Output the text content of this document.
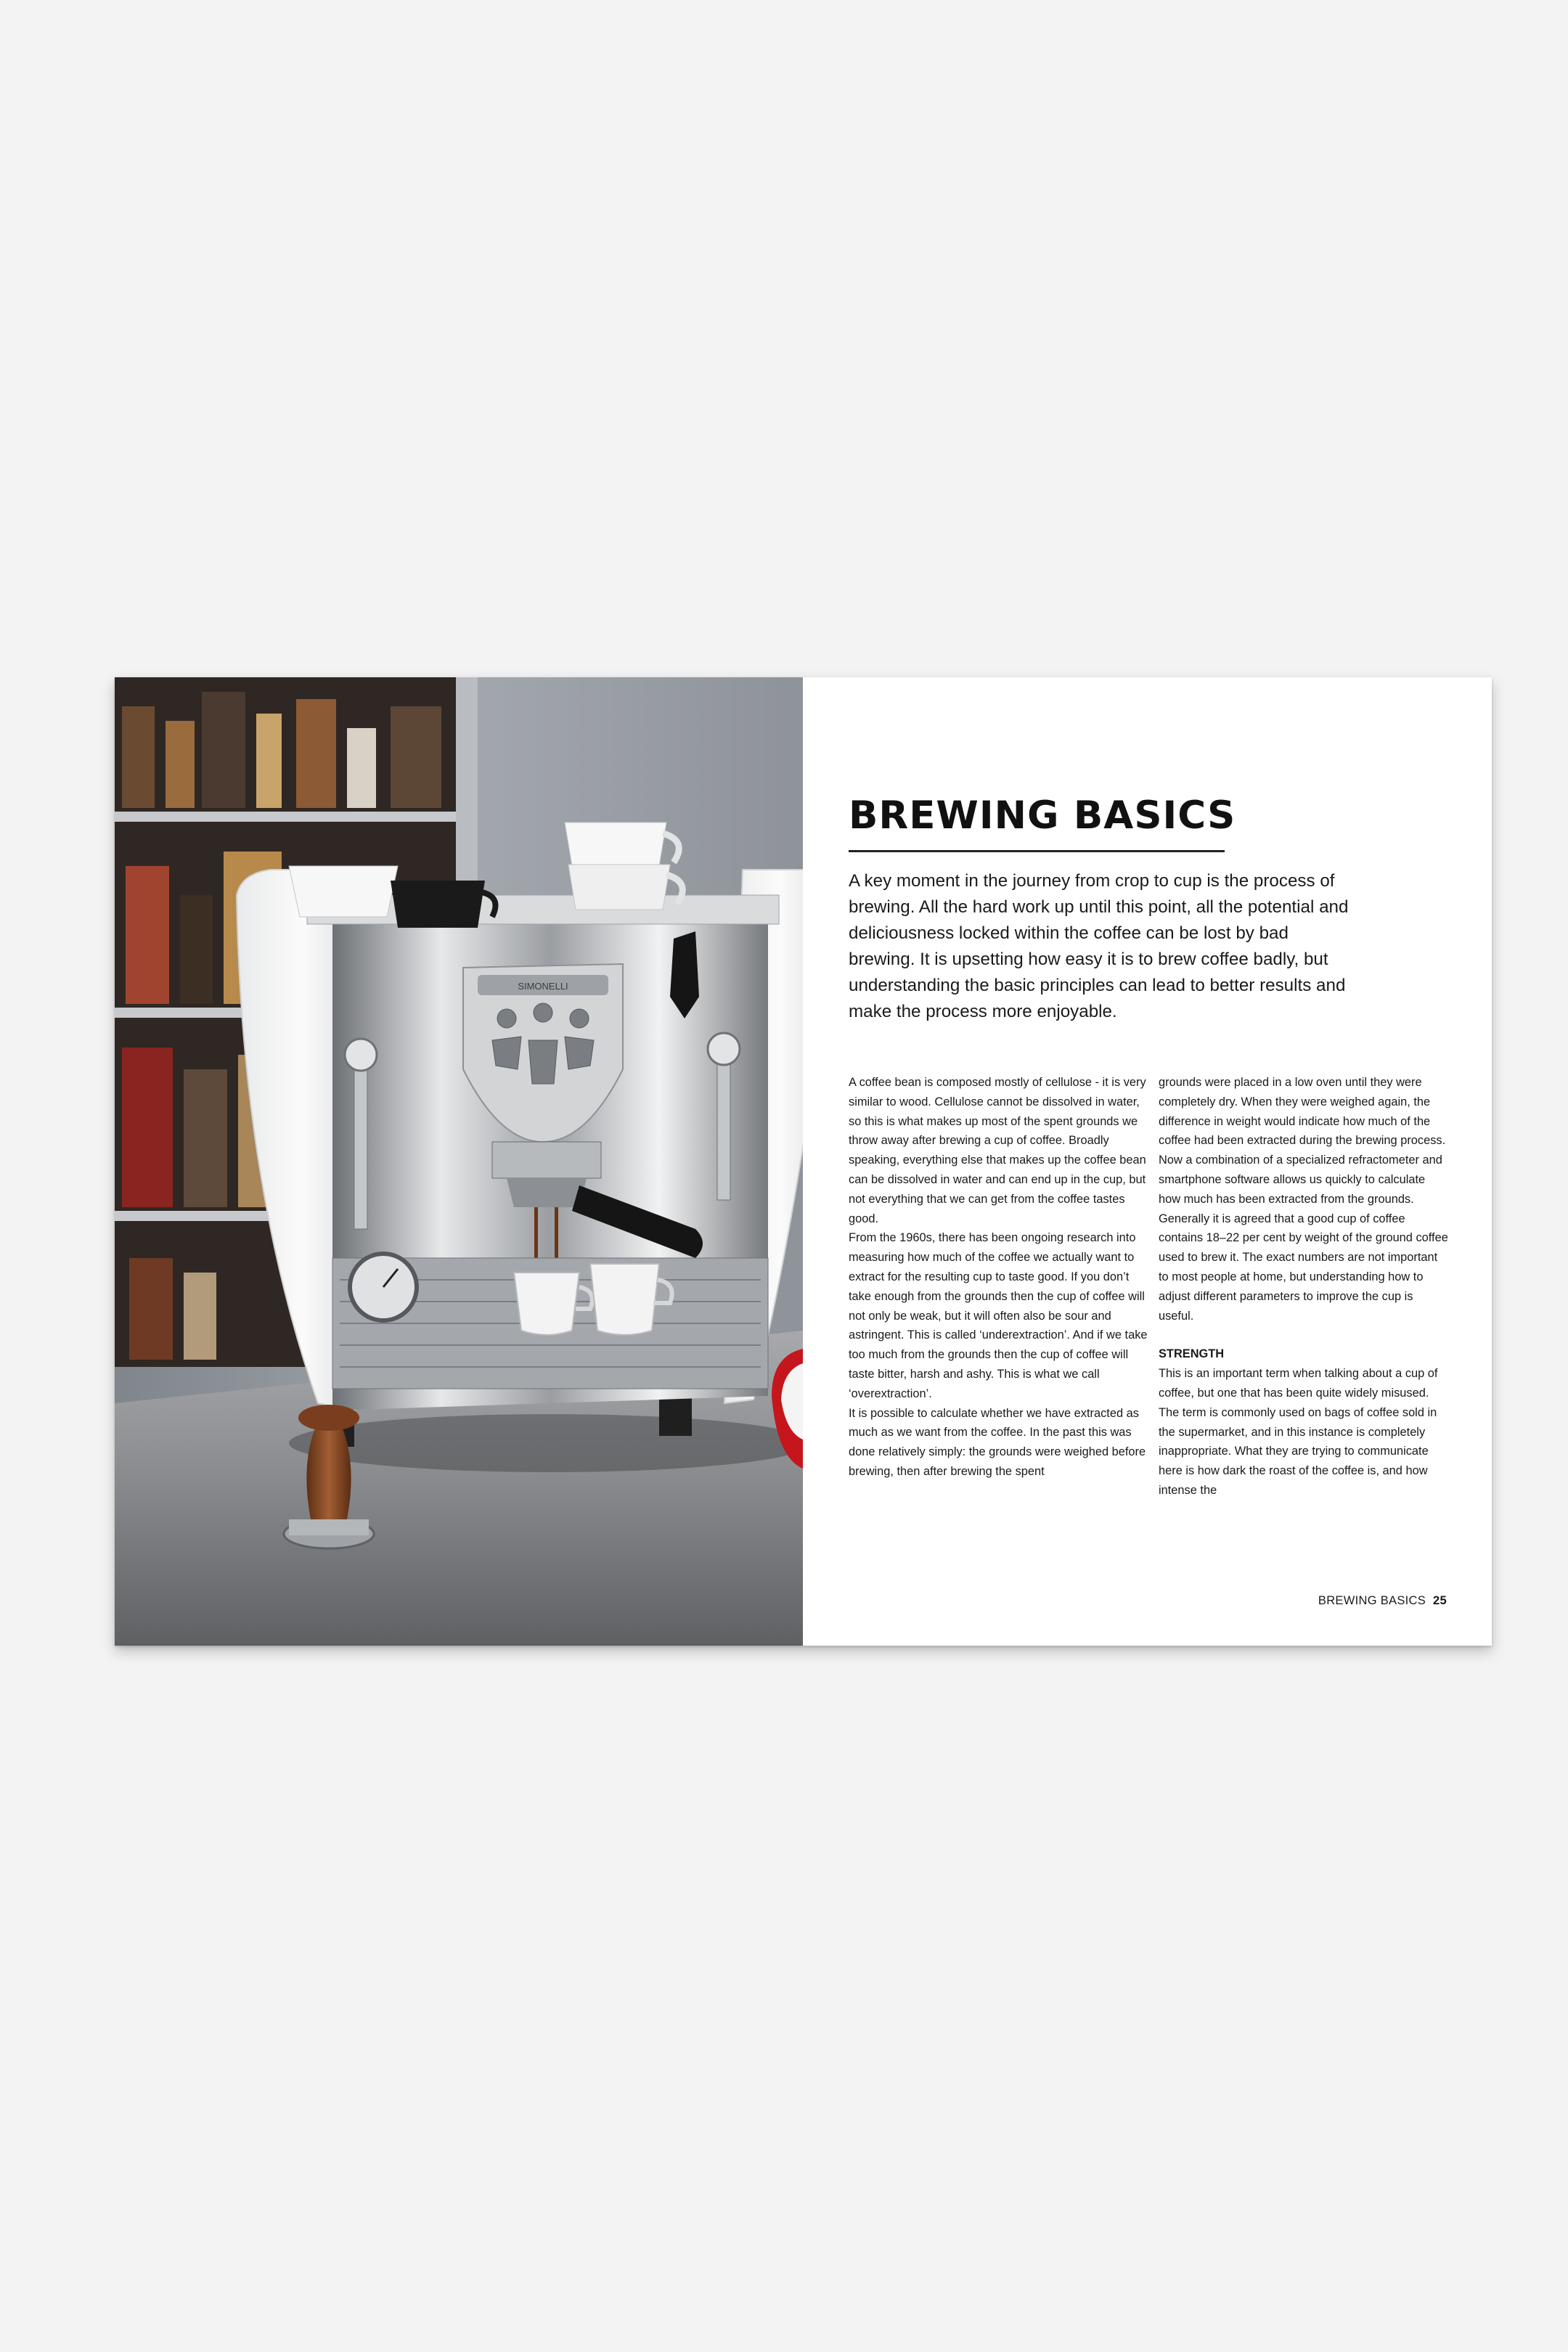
SIMONELLI
BREWING BASICS

A key moment in the journey from crop to cup is the process of brewing. All the hard work up until this point, all the potential and deliciousness locked within the coffee can be lost by bad brewing. It is upsetting how easy it is to brew coffee badly, but understanding the basic principles can lead to better results and make the process more enjoyable.

A coffee bean is composed mostly of cellulose - it is very similar to wood. Cellulose cannot be dissolved in water, so this is what makes up most of the spent grounds we throw away after brewing a cup of coffee. Broadly speaking, everything else that makes up the coffee bean can be dissolved in water and can end up in the cup, but not everything that we can get from the coffee tastes good.

From the 1960s, there has been ongoing research into measuring how much of the coffee we actually want to extract for the resulting cup to taste good. If you don’t take enough from the grounds then the cup of coffee will not only be weak, but it will often also be sour and astringent. This is called ‘underextraction’. And if we take too much from the grounds then the cup of coffee will taste bitter, harsh and ashy. This is what we call ‘overextraction’.

It is possible to calculate whether we have extracted as much as we want from the coffee. In the past this was done relatively simply: the grounds were weighed before brewing, then after brewing the spent

grounds were placed in a low oven until they were completely dry. When they were weighed again, the difference in weight would indicate how much of the coffee had been extracted during the brewing process. Now a combination of a specialized refractometer and smartphone software allows us quickly to calculate how much has been extracted from the grounds. Generally it is agreed that a good cup of coffee contains 18–22 per cent by weight of the ground coffee used to brew it. The exact numbers are not important to most people at home, but understanding how to adjust different parameters to improve the cup is useful.

STRENGTH

This is an important term when talking about a cup of coffee, but one that has been quite widely misused. The term is commonly used on bags of coffee sold in the supermarket, and in this instance is completely inappropriate. What they are trying to communicate here is how dark the roast of the coffee is, and how intense the

BREWING BASICS 25
